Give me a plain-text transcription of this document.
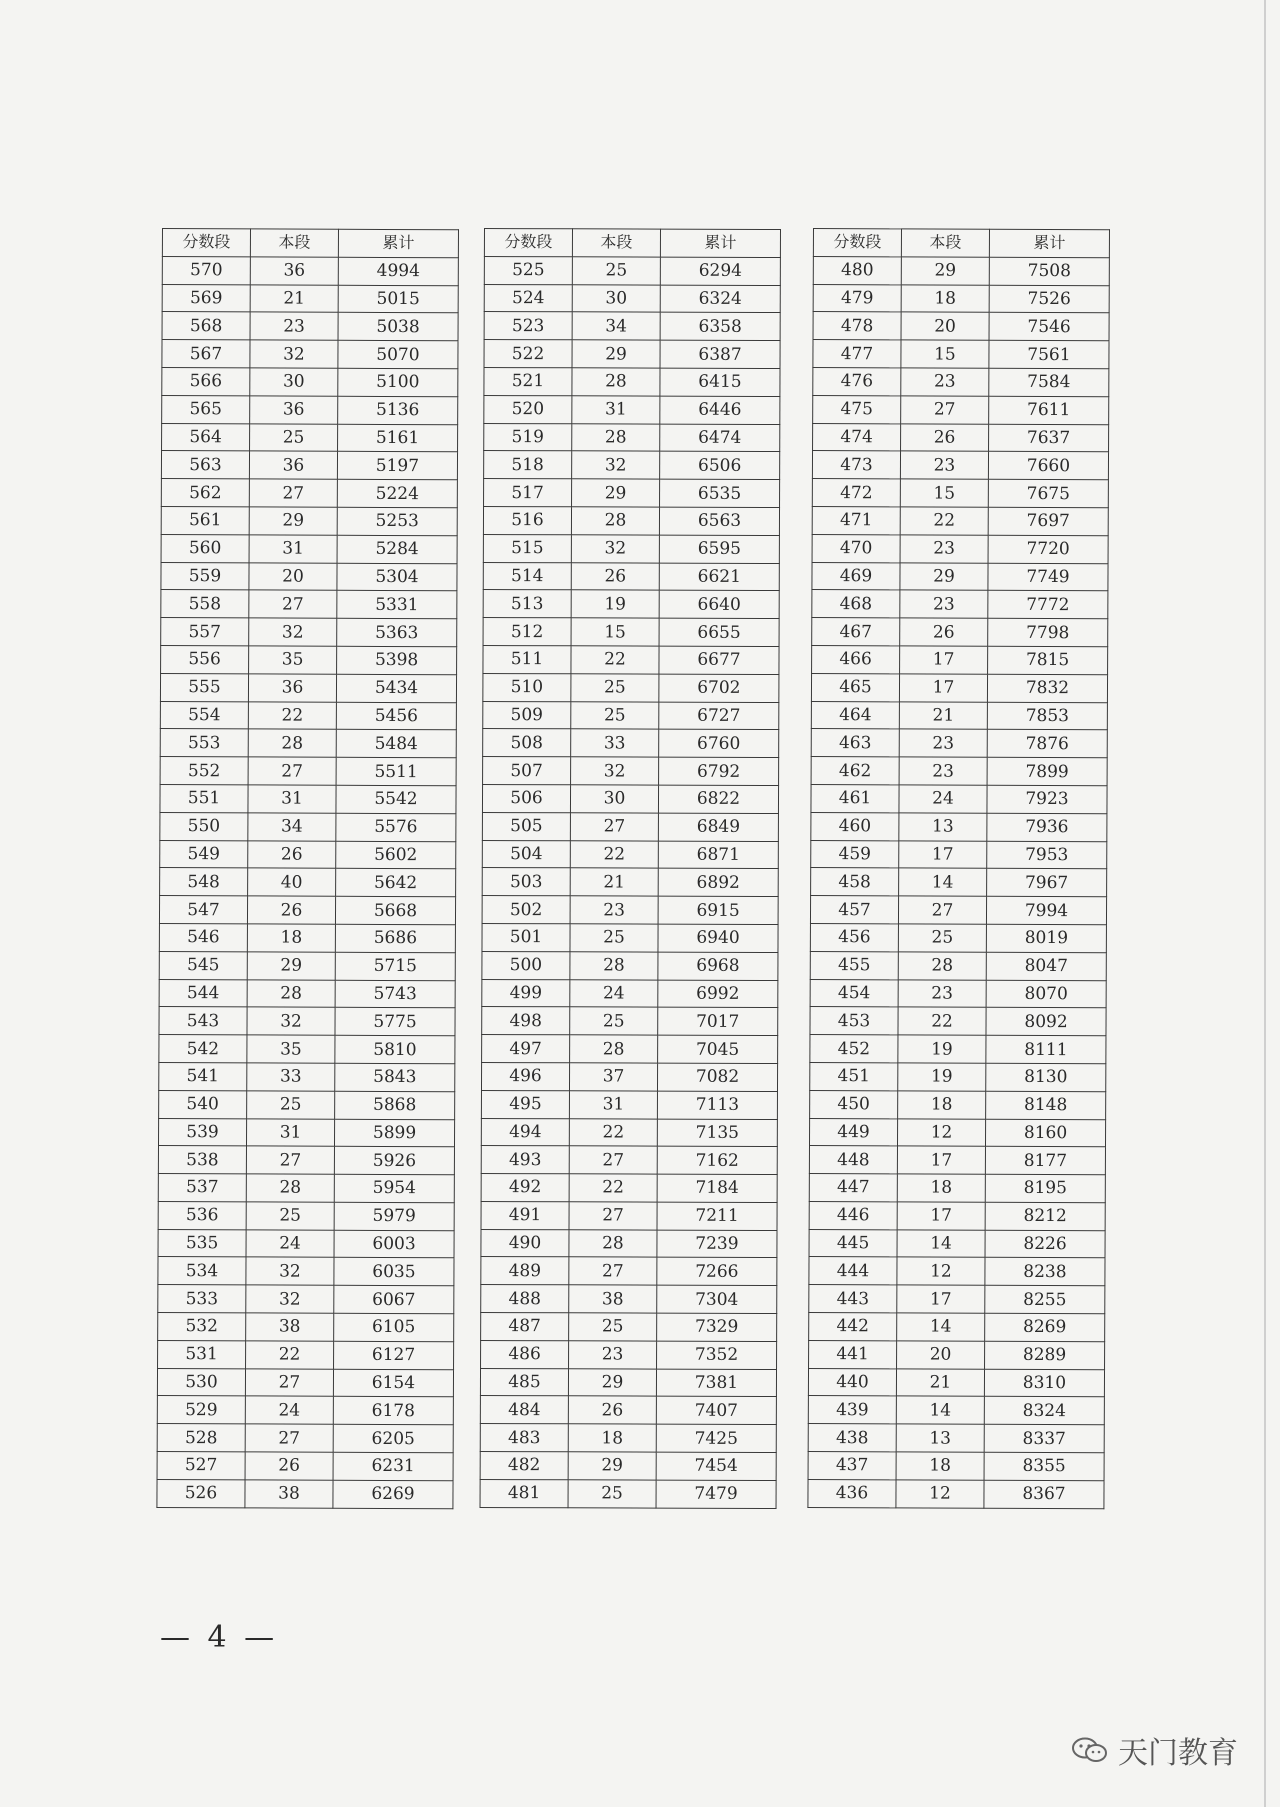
分数段	本段	累计
570	36	4994
569	21	5015
568	23	5038
567	32	5070
566	30	5100
565	36	5136
564	25	5161
563	36	5197
562	27	5224
561	29	5253
560	31	5284
559	20	5304
558	27	5331
557	32	5363
556	35	5398
555	36	5434
554	22	5456
553	28	5484
552	27	5511
551	31	5542
550	34	5576
549	26	5602
548	40	5642
547	26	5668
546	18	5686
545	29	5715
544	28	5743
543	32	5775
542	35	5810
541	33	5843
540	25	5868
539	31	5899
538	27	5926
537	28	5954
536	25	5979
535	24	6003
534	32	6035
533	32	6067
532	38	6105
531	22	6127
530	27	6154
529	24	6178
528	27	6205
527	26	6231
526	38	6269
分数段	本段	累计
525	25	6294
524	30	6324
523	34	6358
522	29	6387
521	28	6415
520	31	6446
519	28	6474
518	32	6506
517	29	6535
516	28	6563
515	32	6595
514	26	6621
513	19	6640
512	15	6655
511	22	6677
510	25	6702
509	25	6727
508	33	6760
507	32	6792
506	30	6822
505	27	6849
504	22	6871
503	21	6892
502	23	6915
501	25	6940
500	28	6968
499	24	6992
498	25	7017
497	28	7045
496	37	7082
495	31	7113
494	22	7135
493	27	7162
492	22	7184
491	27	7211
490	28	7239
489	27	7266
488	38	7304
487	25	7329
486	23	7352
485	29	7381
484	26	7407
483	18	7425
482	29	7454
481	25	7479
分数段	本段	累计
480	29	7508
479	18	7526
478	20	7546
477	15	7561
476	23	7584
475	27	7611
474	26	7637
473	23	7660
472	15	7675
471	22	7697
470	23	7720
469	29	7749
468	23	7772
467	26	7798
466	17	7815
465	17	7832
464	21	7853
463	23	7876
462	23	7899
461	24	7923
460	13	7936
459	17	7953
458	14	7967
457	27	7994
456	25	8019
455	28	8047
454	23	8070
453	22	8092
452	19	8111
451	19	8130
450	18	8148
449	12	8160
448	17	8177
447	18	8195
446	17	8212
445	14	8226
444	12	8238
443	17	8255
442	14	8269
441	20	8289
440	21	8310
439	14	8324
438	13	8337
437	18	8355
436	12	8367
— 4 —
天门教育
